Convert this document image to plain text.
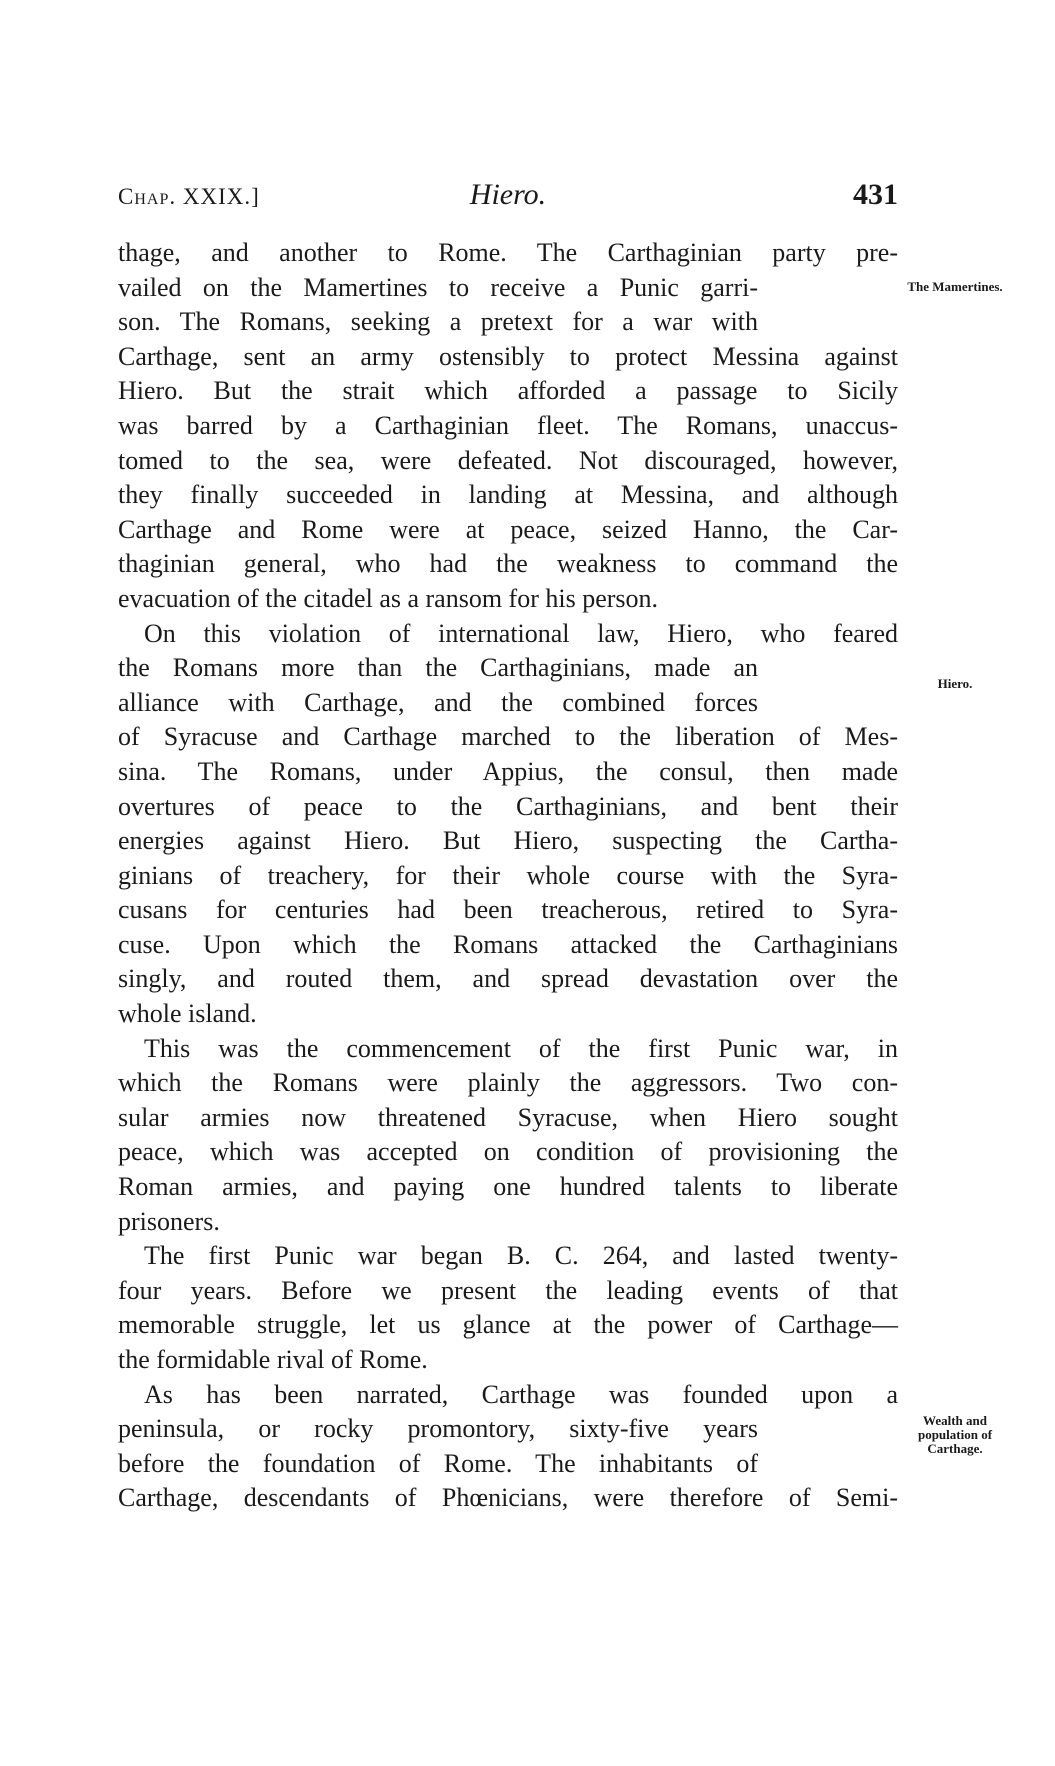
Chap. XXIX.]	Hiero.	431
thage, and another to Rome. The Carthaginian party pre-
vailed on the Mamertines to receive a Punic garri-
son. The Romans, seeking a pretext for a war with
Carthage, sent an army ostensibly to protect Messina against
Hiero. But the strait which afforded a passage to Sicily
was barred by a Carthaginian fleet. The Romans, unaccus-
tomed to the sea, were defeated. Not discouraged, however,
they finally succeeded in landing at Messina, and although
Carthage and Rome were at peace, seized Hanno, the Car-
thaginian general, who had the weakness to command the
evacuation of the citadel as a ransom for his person.
On this violation of international law, Hiero, who feared
the Romans more than the Carthaginians, made an
alliance with Carthage, and the combined forces
of Syracuse and Carthage marched to the liberation of Mes-
sina. The Romans, under Appius, the consul, then made
overtures of peace to the Carthaginians, and bent their
energies against Hiero. But Hiero, suspecting the Cartha-
ginians of treachery, for their whole course with the Syra-
cusans for centuries had been treacherous, retired to Syra-
cuse. Upon which the Romans attacked the Carthaginians
singly, and routed them, and spread devastation over the
whole island.
This was the commencement of the first Punic war, in
which the Romans were plainly the aggressors. Two con-
sular armies now threatened Syracuse, when Hiero sought
peace, which was accepted on condition of provisioning the
Roman armies, and paying one hundred talents to liberate
prisoners.
The first Punic war began B. C. 264, and lasted twenty-
four years. Before we present the leading events of that
memorable struggle, let us glance at the power of Carthage—
the formidable rival of Rome.
As has been narrated, Carthage was founded upon a
peninsula, or rocky promontory, sixty-five years
before the foundation of Rome. The inhabitants of
Carthage, descendants of Phœnicians, were therefore of Semi-
The Mamertines.
Hiero.
Wealth and population of Carthage.
